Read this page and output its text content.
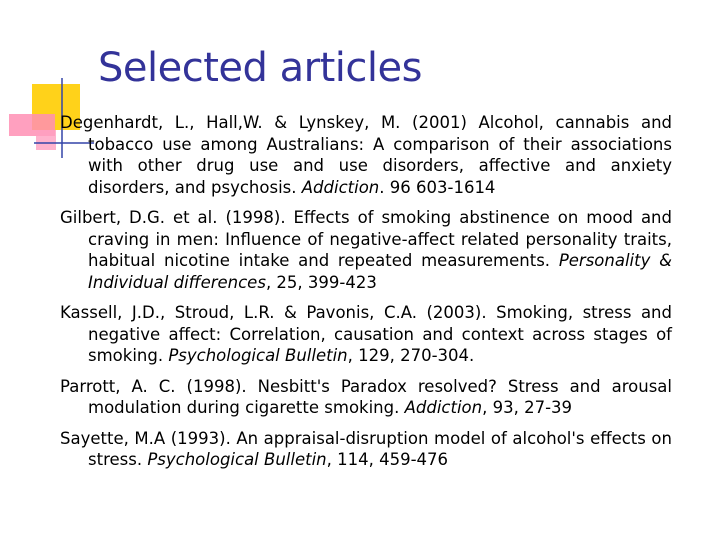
Selected articles
Degenhardt, L., Hall,W. & Lynskey, M. (2001) Alcohol, cannabis and tobacco use among Australians: A comparison of their associations with other drug use and use disorders, affective and anxiety disorders, and psychosis. Addiction. 96 603-1614
Gilbert, D.G. et al. (1998). Effects of smoking abstinence on mood and craving in men: Influence of negative-affect related personality traits, habitual nicotine intake and repeated measurements. Personality & Individual differences, 25, 399-423
Kassell, J.D., Stroud, L.R. & Pavonis, C.A. (2003). Smoking, stress and negative affect: Correlation, causation and context across stages of smoking. Psychological Bulletin, 129, 270-304.
Parrott, A. C. (1998). Nesbitt's Paradox resolved? Stress and arousal modulation during cigarette smoking. Addiction, 93, 27-39
Sayette, M.A (1993). An appraisal-disruption model of alcohol's effects on stress. Psychological Bulletin, 114, 459-476
